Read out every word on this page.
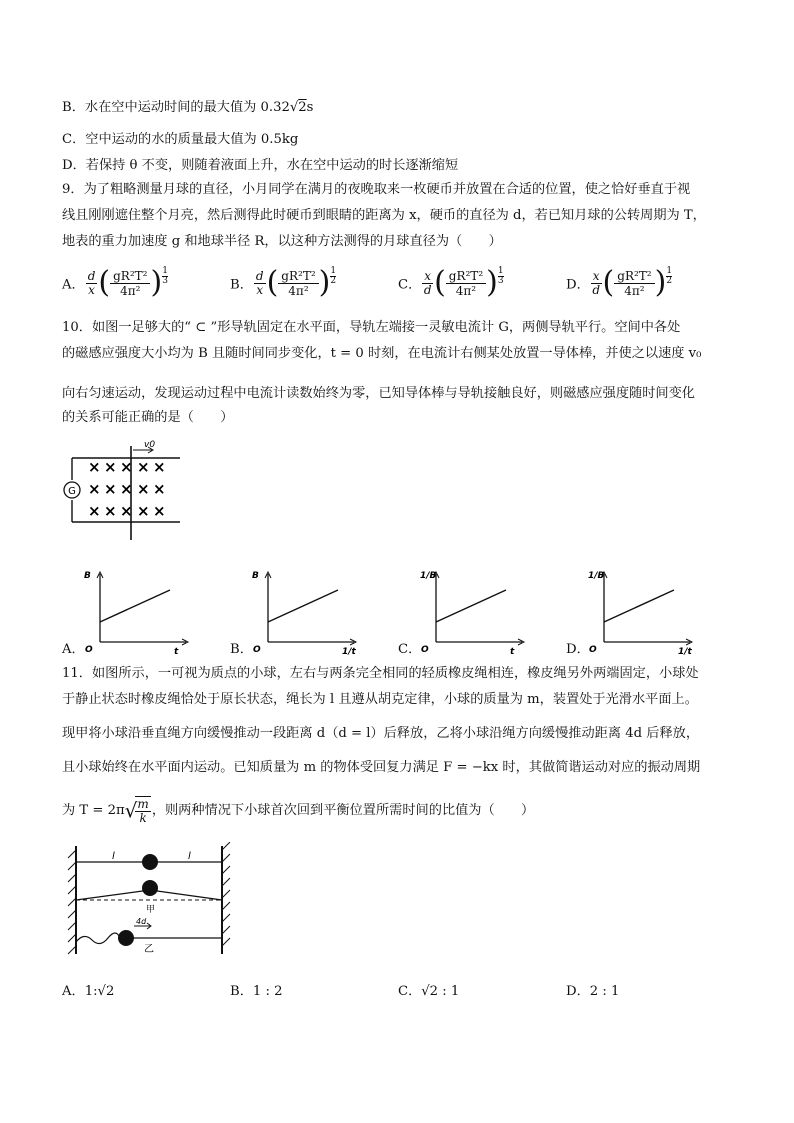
B．水在空中运动时间的最大值为 0.32√2s
C．空中运动的水的质量最大值为 0.5kg
D．若保持 θ 不变，则随着液面上升，水在空中运动的时长逐渐缩短
9．为了粗略测量月球的直径，小月同学在满月的夜晚取来一枚硬币并放置在合适的位置，使之恰好垂直于视
线且刚刚遮住整个月亮，然后测得此时硬币到眼睛的距离为 x，硬币的直径为 d，若已知月球的公转周期为 T，
地表的重力加速度 g 和地球半径 R，以这种方法测得的月球直径为（　　）
A． $\frac{d}{x}$ ( $\frac{\text{gR²T²}}{\text{4π²}}$ ) $\frac{1}{3}$	B． $\frac{d}{x}$ ( $\frac{\text{gR²T²}}{\text{4π²}}$ ) $\frac{1}{2}$	C． $\frac{x}{d}$ ( $\frac{\text{gR²T²}}{\text{4π²}}$ ) $\frac{1}{3}$	D． $\frac{x}{d}$ ( $\frac{\text{gR²T²}}{\text{4π²}}$ ) $\frac{1}{2}$
10．如图一足够大的“ ⊂ ”形导轨固定在水平面，导轨左端接一灵敏电流计 G，两侧导轨平行。空间中各处
的磁感应强度大小均为 B 且随时间同步变化，t = 0 时刻，在电流计右侧某处放置一导体棒，并使之以速度 v₀
向右匀速运动，发现运动过程中电流计读数始终为零，已知导体棒与导轨接触良好，则磁感应强度随时间变化
的关系可能正确的是（　　）
G
v0
× × × × ×
× × × × ×
× × × × ×
A． O
B
t	B． O
B
1/t	C． O
1/B
t	D． O
1/B
1/t
11．如图所示，一可视为质点的小球，左右与两条完全相同的轻质橡皮绳相连，橡皮绳另外两端固定，小球处
于静止状态时橡皮绳恰处于原长状态，绳长为 l 且遵从胡克定律，小球的质量为 m，装置处于光滑水平面上。
现甲将小球沿垂直绳方向缓慢推动一段距离 d（d = l）后释放，乙将小球沿绳方向缓慢推动距离 4d 后释放，
且小球始终在水平面内运动。已知质量为 m 的物体受回复力满足 F = −kx 时，其做简谐运动对应的振动周期
为 T = 2π√
$\frac{m}{k}$ ，则两种情况下小球首次回到平衡位置所需时间的比值为（　　）
l	l
甲
4d
乙
A．1:√2	B．1 : 2	C．√2 : 1	D．2 : 1
